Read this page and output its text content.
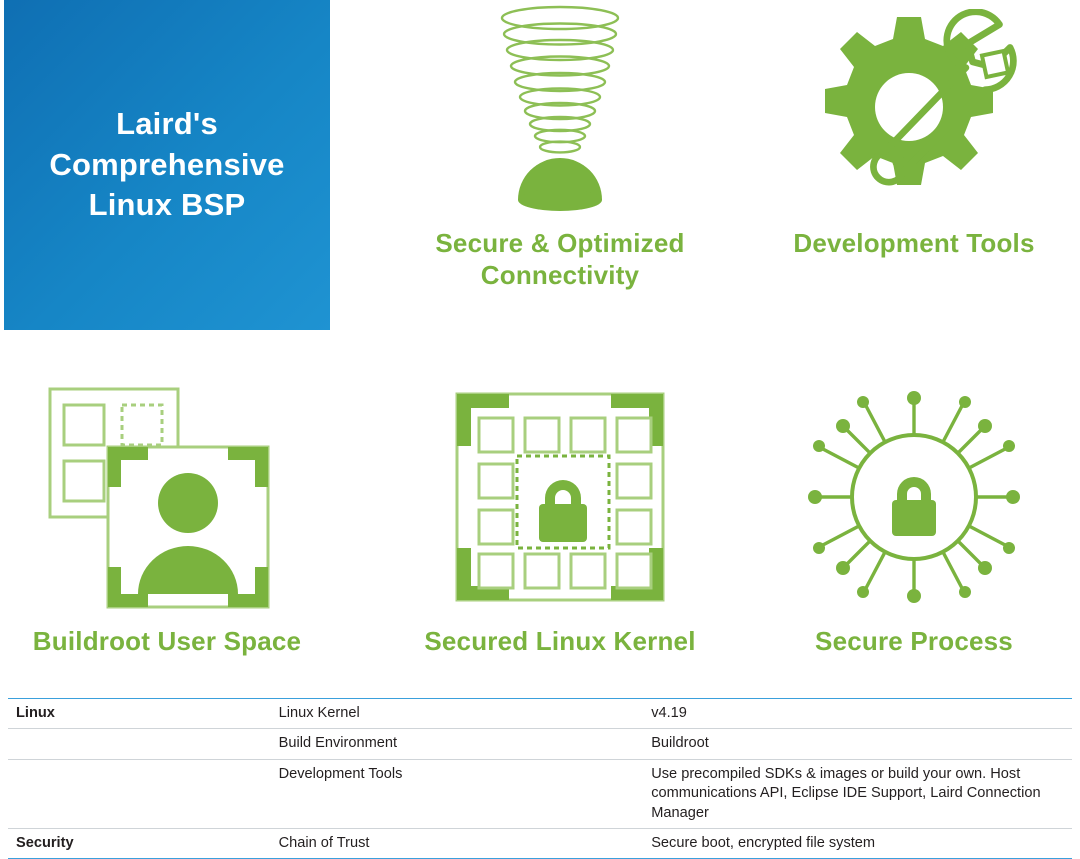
Laird's
Comprehensive
Linux BSP
Secure & Optimized
Connectivity
Development Tools
Buildroot User Space	Secured Linux Kernel	Secure Process
Linux	Linux Kernel	v4.19
	Build Environment	Buildroot
	Development Tools	Use precompiled SDKs & images or build your own. Host communications API, Eclipse IDE Support, Laird Connection Manager
Security	Chain of Trust	Secure boot, encrypted file system
